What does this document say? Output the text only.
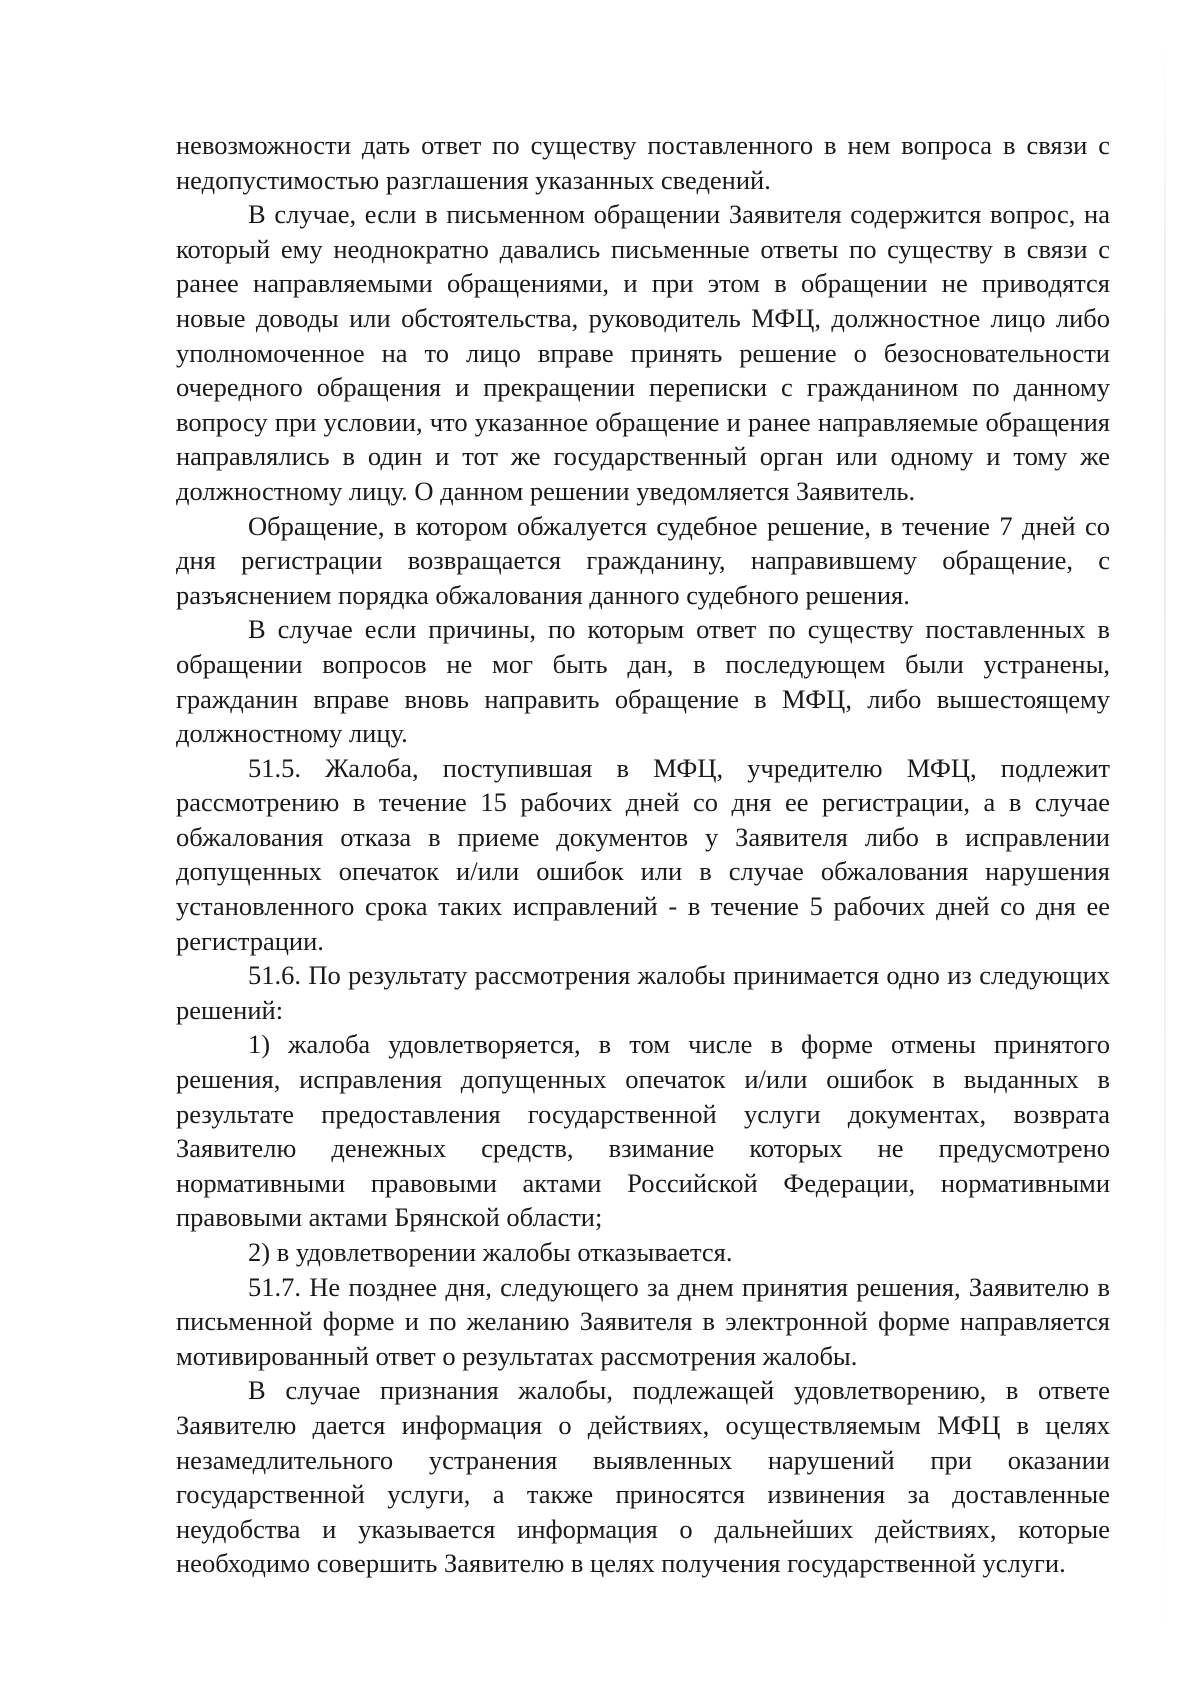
невозможности дать ответ по существу поставленного в нем вопроса в связи с недопустимостью разглашения указанных сведений.

В случае, если в письменном обращении Заявителя содержится вопрос, на который ему неоднократно давались письменные ответы по существу в связи с ранее направляемыми обращениями, и при этом в обращении не приводятся новые доводы или обстоятельства, руководитель МФЦ, должностное лицо либо уполномоченное на то лицо вправе принять решение о безосновательности очередного обращения и прекращении переписки с гражданином по данному вопросу при условии, что указанное обращение и ранее направляемые обращения направлялись в один и тот же государственный орган или одному и тому же должностному лицу. О данном решении уведомляется Заявитель.

Обращение, в котором обжалуется судебное решение, в течение 7 дней со дня регистрации возвращается гражданину, направившему обращение, с разъяснением порядка обжалования данного судебного решения.

В случае если причины, по которым ответ по существу поставленных в обращении вопросов не мог быть дан, в последующем были устранены, гражданин вправе вновь направить обращение в МФЦ, либо вышестоящему должностному лицу.

51.5. Жалоба, поступившая в МФЦ, учредителю МФЦ, подлежит рассмотрению в течение 15 рабочих дней со дня ее регистрации, а в случае обжалования отказа в приеме документов у Заявителя либо в исправлении допущенных опечаток и/или ошибок или в случае обжалования нарушения установленного срока таких исправлений - в течение 5 рабочих дней со дня ее регистрации.

51.6. По результату рассмотрения жалобы принимается одно из следующих решений:

1) жалоба удовлетворяется, в том числе в форме отмены принятого решения, исправления допущенных опечаток и/или ошибок в выданных в результате предоставления государственной услуги документах, возврата Заявителю денежных средств, взимание которых не предусмотрено нормативными правовыми актами Российской Федерации, нормативными правовыми актами Брянской области;

2) в удовлетворении жалобы отказывается.

51.7. Не позднее дня, следующего за днем принятия решения, Заявителю в письменной форме и по желанию Заявителя в электронной форме направляется мотивированный ответ о результатах рассмотрения жалобы.

В случае признания жалобы, подлежащей удовлетворению, в ответе Заявителю дается информация о действиях, осуществляемым МФЦ в целях незамедлительного устранения выявленных нарушений при оказании государственной услуги, а также приносятся извинения за доставленные неудобства и указывается информация о дальнейших действиях, которые необходимо совершить Заявителю в целях получения государственной услуги.
